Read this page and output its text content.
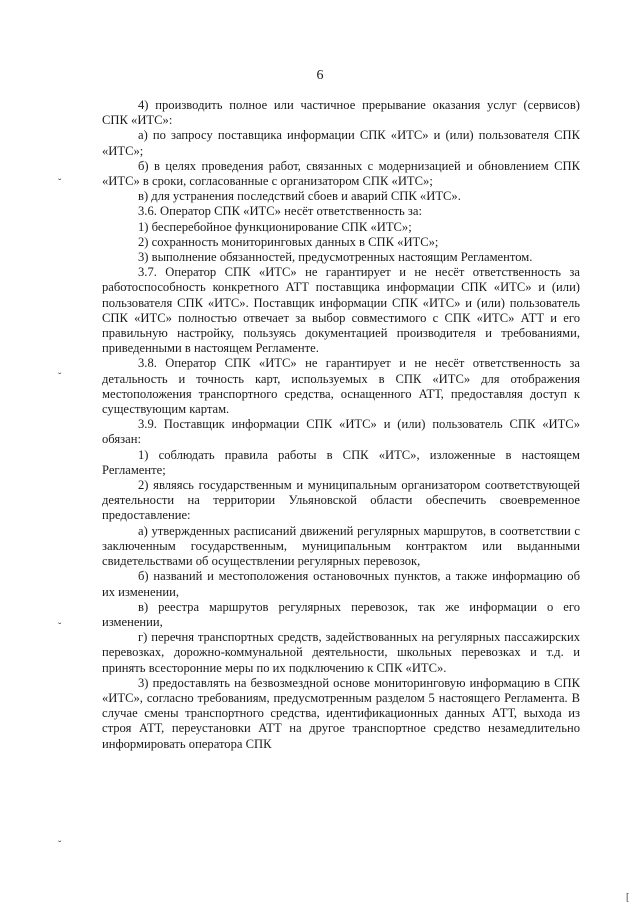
6

4) производить полное или частичное прерывание оказания услуг (сервисов) СПК «ИТС»:

а) по запросу поставщика информации СПК «ИТС» и (или) пользователя СПК «ИТС»;

б) в целях проведения работ, связанных с модернизацией и обновлением СПК «ИТС» в сроки, согласованные с организатором СПК «ИТС»;

в) для устранения последствий сбоев и аварий СПК «ИТС».

3.6. Оператор СПК «ИТС» несёт ответственность за:

1) бесперебойное функционирование СПК «ИТС»;

2) сохранность мониторинговых данных в СПК «ИТС»;

3) выполнение обязанностей, предусмотренных настоящим Регламентом.

3.7. Оператор СПК «ИТС» не гарантирует и не несёт ответственность за работоспособность конкретного АТТ поставщика информации СПК «ИТС» и (или) пользователя СПК «ИТС». Поставщик информации СПК «ИТС» и (или) пользователь СПК «ИТС» полностью отвечает за выбор совместимого с СПК «ИТС» АТТ и его правильную настройку, пользуясь документацией производителя и требованиями, приведенными в настоящем Регламенте.

3.8. Оператор СПК «ИТС» не гарантирует и не несёт ответственность за детальность и точность карт, используемых в СПК «ИТС» для отображения местоположения транспортного средства, оснащенного АТТ, предоставляя доступ к существующим картам.

3.9. Поставщик информации СПК «ИТС» и (или) пользователь СПК «ИТС» обязан:

1) соблюдать правила работы в СПК «ИТС», изложенные в настоящем Регламенте;

2) являясь государственным и муниципальным организатором соответствующей деятельности на территории Ульяновской области обеспечить своевременное предоставление:

а) утвержденных расписаний движений регулярных маршрутов, в соответствии с заключенным государственным, муниципальным контрактом или выданными свидетельствами об осуществлении регулярных перевозок,

б) названий и местоположения остановочных пунктов, а также информацию об их изменении,

в) реестра маршрутов регулярных перевозок, так же информации о его изменении,

г) перечня транспортных средств, задействованных на регулярных пассажирских перевозках, дорожно-коммунальной деятельности, школьных перевозках и т.д. и принять всесторонние меры по их подключению к СПК «ИТС».

3) предоставлять на безвозмездной основе мониторинговую информацию в СПК «ИТС», согласно требованиям, предусмотренным разделом 5 настоящего Регламента. В случае смены транспортного средства, идентификационных данных АТТ, выхода из строя АТТ, переустановки АТТ на другое транспортное средство незамедлительно информировать оператора СПК

ˇ
ˇ
ˇ
ˇ
[
